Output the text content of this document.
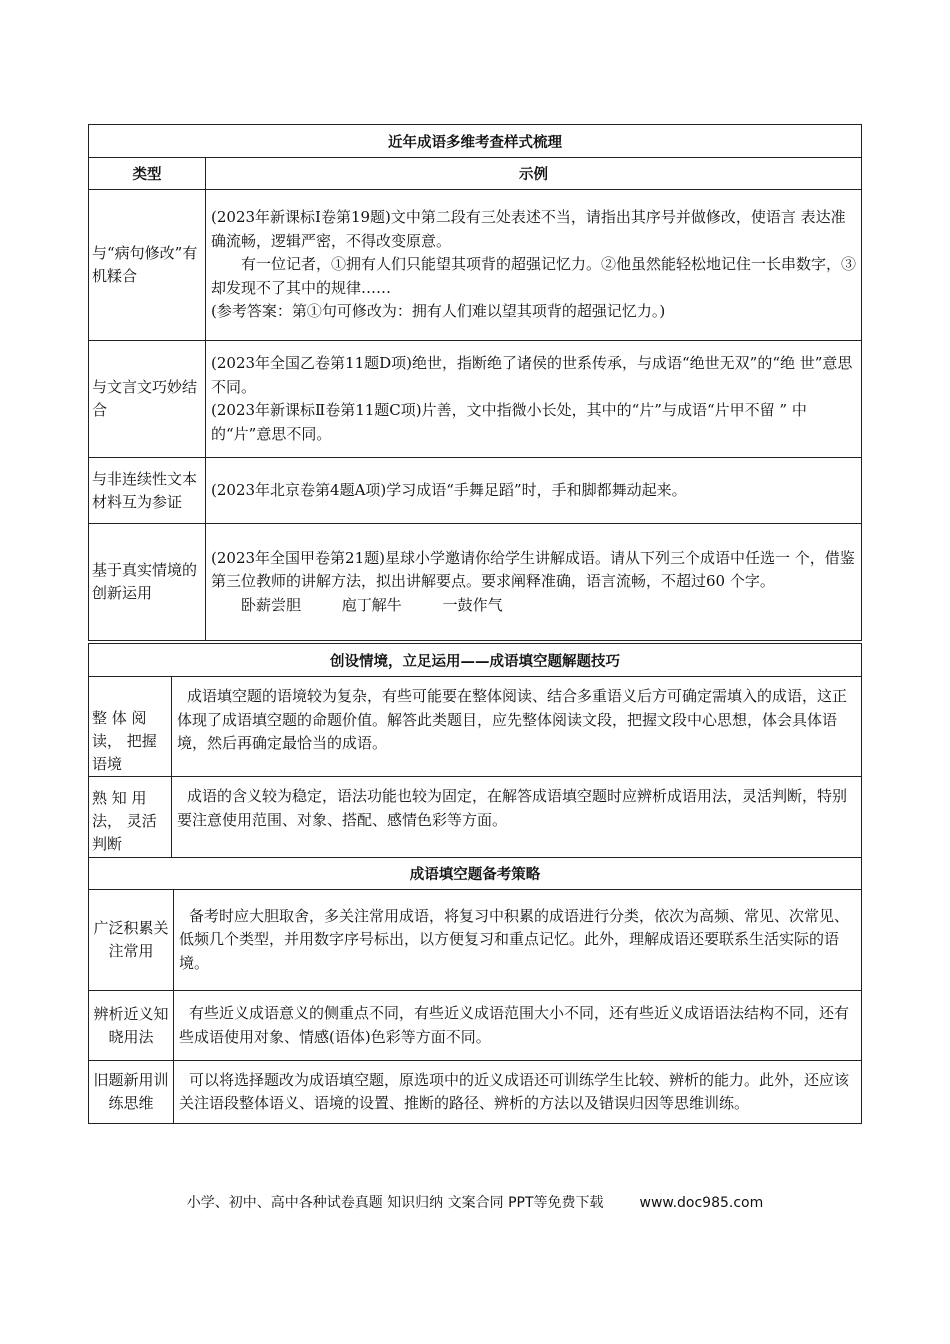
近年成语多维考查样式梳理	
类型	示例
与“病句修改”有机糅合	(2023年新课标Ⅰ卷第19题)文中第二段有三处表述不当，请指出其序号并做修改，使语言 表达准确流畅，逻辑严密，不得改变原意。

有一位记者，①拥有人们只能望其项背的超强记忆力。②他虽然能轻松地记住一长串数字，③却发现不了其中的规律……

(参考答案：第①句可修改为：拥有人们难以望其项背的超强记忆力。)

与文言文巧妙结合	(2023年全国乙卷第11题D项)绝世，指断绝了诸侯的世系传承，与成语“绝世无双”的“绝 世”意思不同。

(2023年新课标Ⅱ卷第11题C项)片善，文中指微小长处，其中的“片”与成语“片甲不留 ” 中的“片”意思不同。

与非连续性文本材料互为参证	(2023年北京卷第4题A项)学习成语“手舞足蹈”时，手和脚都舞动起来。

基于真实情境的创新运用	(2023年全国甲卷第21题)星球小学邀请你给学生讲解成语。请从下列三个成语中任选一 个，借鉴第三位教师的讲解方法，拟出讲解要点。要求阐释准确，语言流畅，不超过60 个字。

卧薪尝胆 庖丁解牛 一鼓作气

创设情境，立足运用——成语填空题解题技巧	
整 体 阅读， 把握语境	成语填空题的语境较为复杂，有些可能要在整体阅读、结合多重语义后方可确定需填入的成语，这正体现了成语填空题的命题价值。解答此类题目，应先整体阅读文段，把握文段中心思想，体会具体语境，然后再确定最恰当的成语。

熟 知 用法， 灵活判断	成语的含义较为稳定，语法功能也较为固定，在解答成语填空题时应辨析成语用法，灵活判断，特别要注意使用范围、对象、搭配、感情色彩等方面。

成语填空题备考策略	
广泛积累关注常用	备考时应大胆取舍，多关注常用成语，将复习中积累的成语进行分类，依次为高频、常见、次常见、低频几个类型，并用数字序号标出，以方便复习和重点记忆。此外，理解成语还要联系生活实际的语境。

辨析近义知晓用法	有些近义成语意义的侧重点不同，有些近义成语范围大小不同，还有些近义成语语法结构不同，还有些成语使用对象、情感(语体)色彩等方面不同。

旧题新用训练思维	可以将选择题改为成语填空题，原选项中的近义成语还可训练学生比较、辨析的能力。此外，还应该关注语段整体语义、语境的设置、推断的路径、辨析的方法以及错误归因等思维训练。

小学、初中、高中各种试卷真题 知识归纳 文案合同 PPT等免费下载	www.doc985.com
